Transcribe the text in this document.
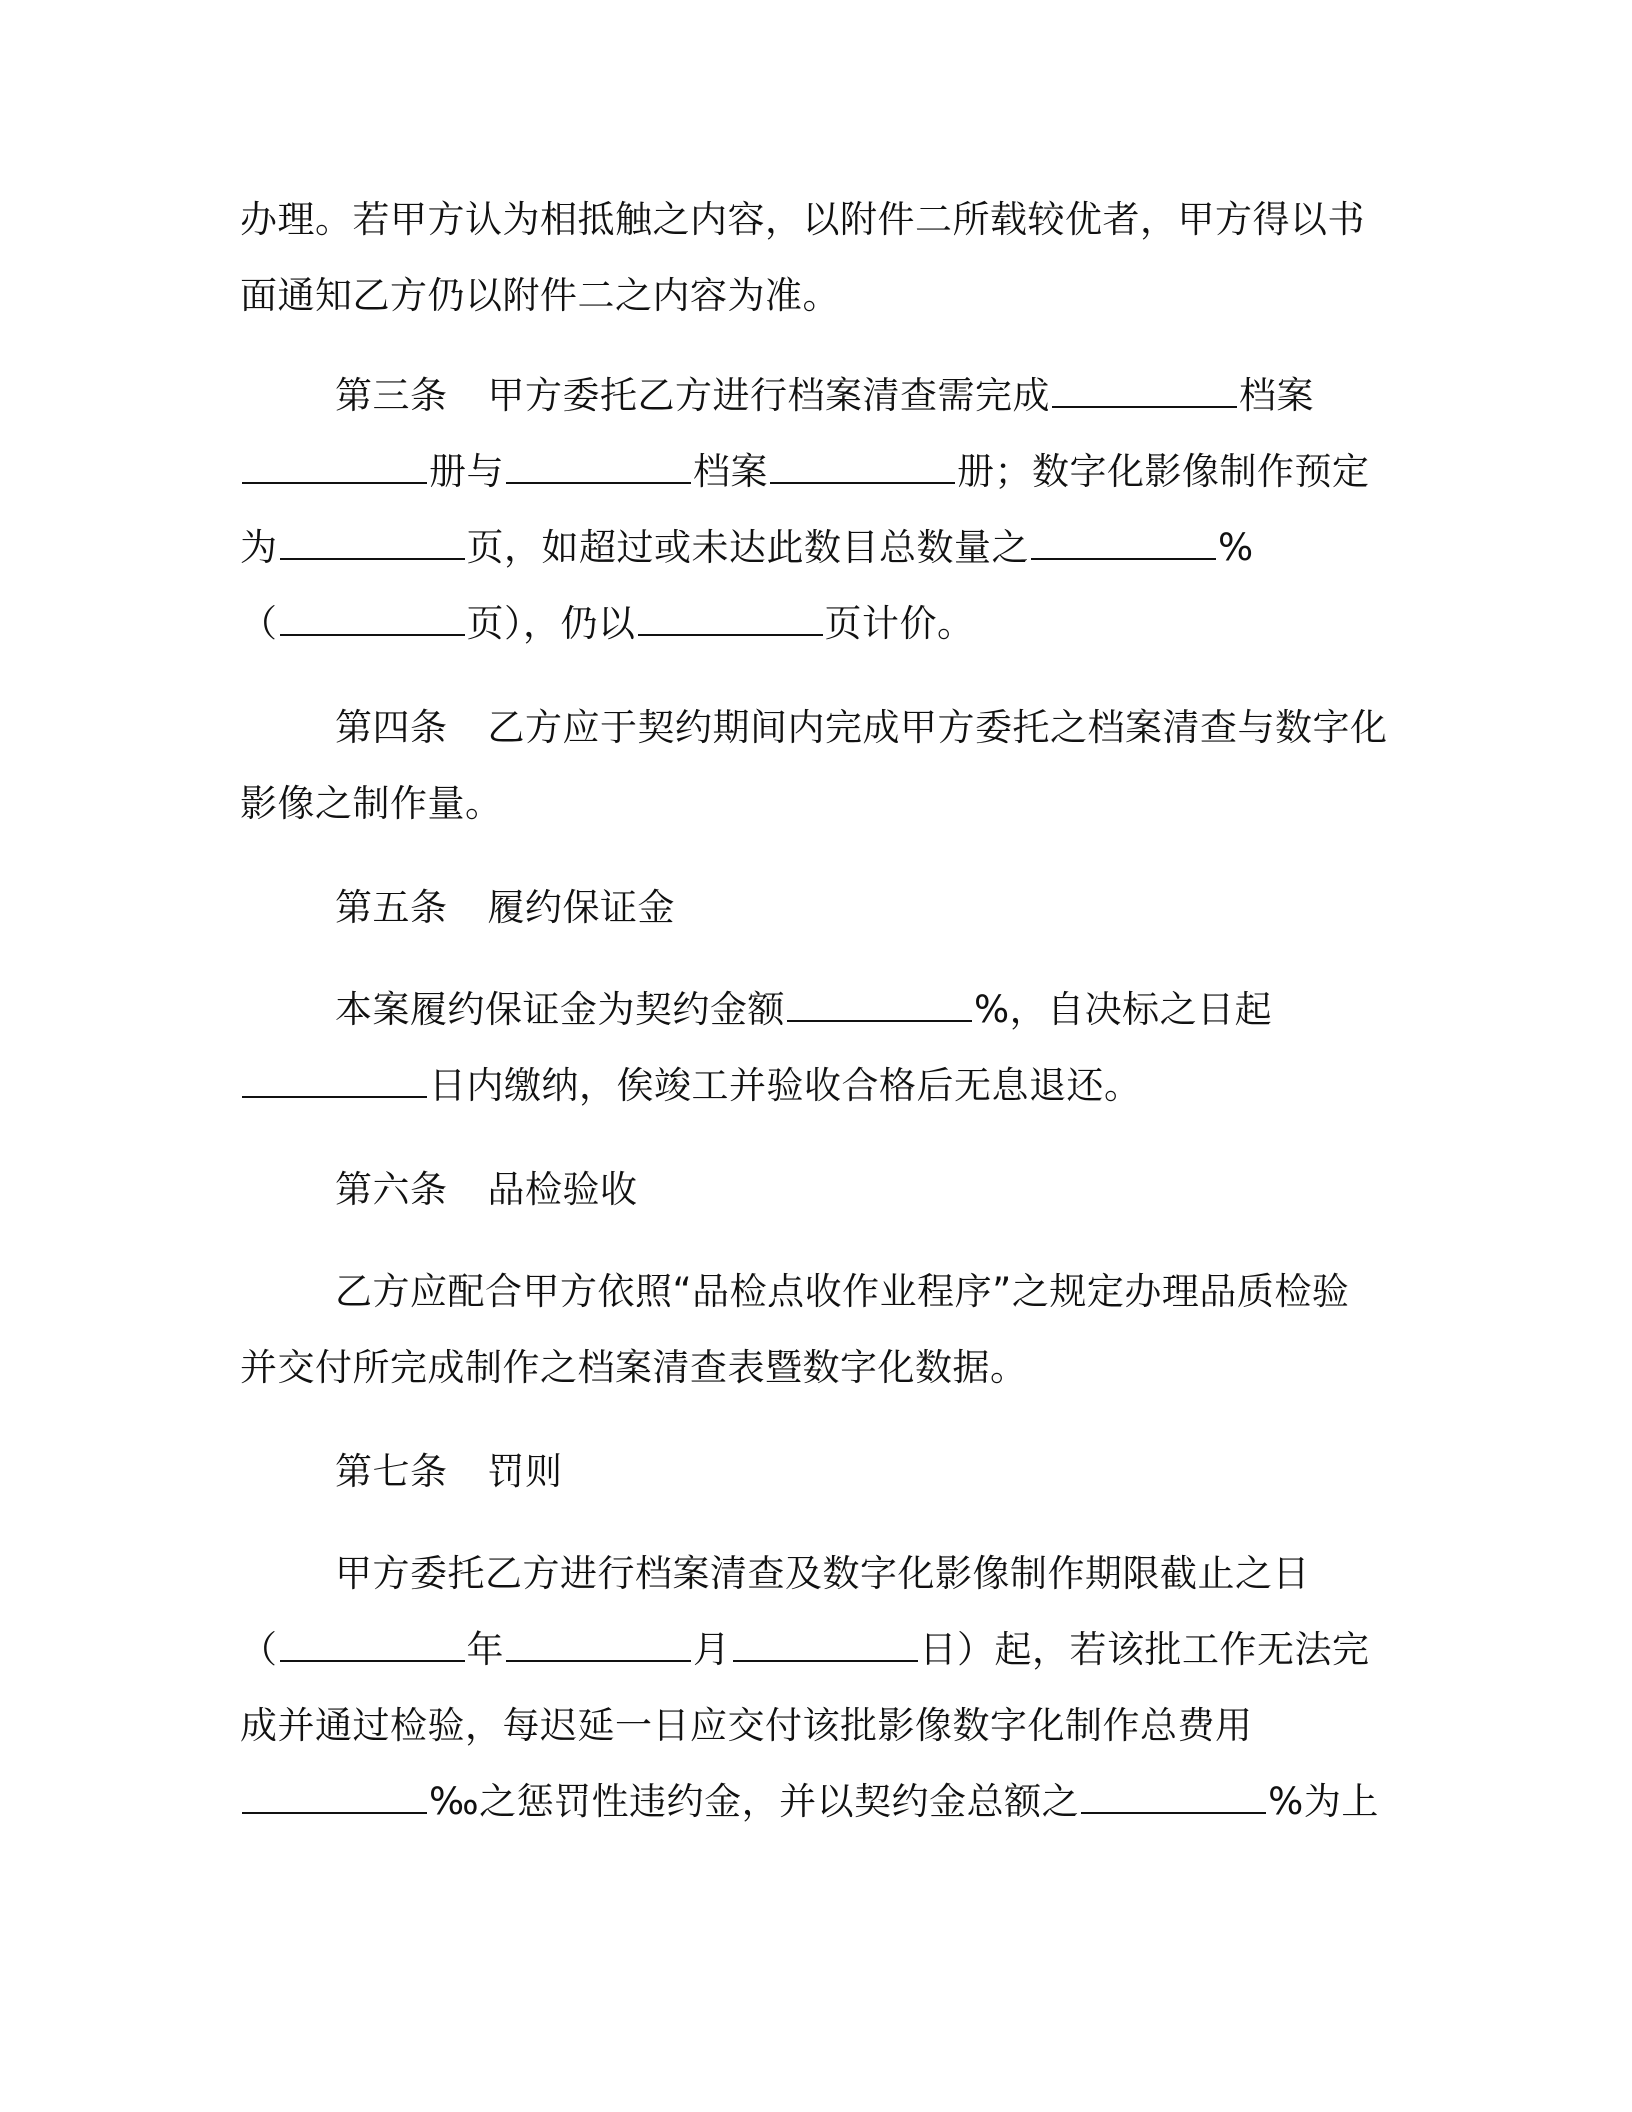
办理。若甲方认为相抵触之内容，以附件二所载较优者，甲方得以书
面通知乙方仍以附件二之内容为准。
第三条 甲方委托乙方进行档案清查需完成	档案
册与	档案	册；数字化影像制作预定
为	页，如超过或未达此数目总数量之	%
（	页），仍以	页计价。
第四条 乙方应于契约期间内完成甲方委托之档案清查与数字化
影像之制作量。
第五条 履约保证金
本案履约保证金为契约金额	%，自决标之日起
日内缴纳，俟竣工并验收合格后无息退还。
第六条 品检验收
乙方应配合甲方依照“品检点收作业程序”之规定办理品质检验
并交付所完成制作之档案清查表暨数字化数据。
第七条 罚则
甲方委托乙方进行档案清查及数字化影像制作期限截止之日
（	年	月	日）起，若该批工作无法完
成并通过检验，每迟延一日应交付该批影像数字化制作总费用
‰之惩罚性违约金，并以契约金总额之	%为上
